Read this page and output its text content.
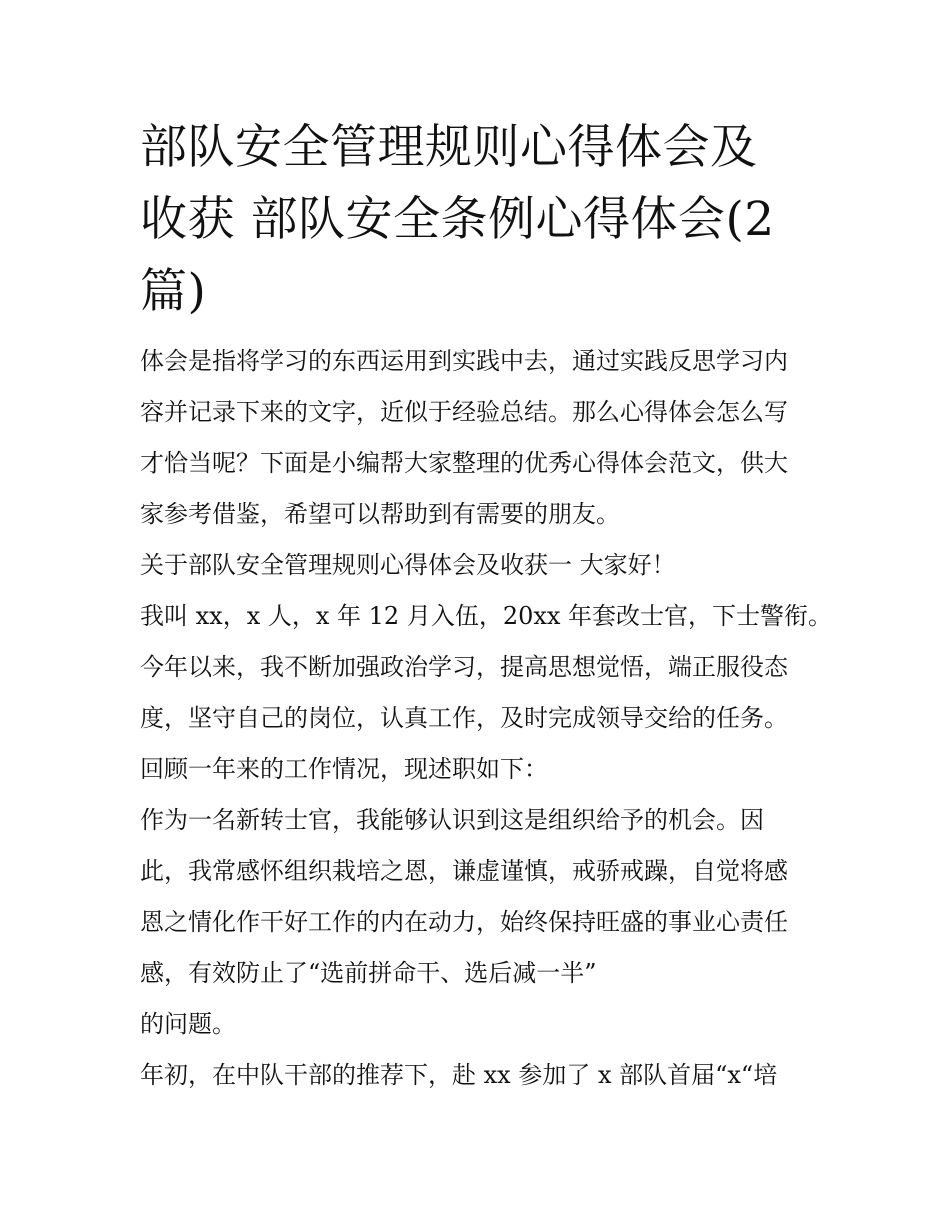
部队安全管理规则心得体会及
收获 部队安全条例心得体会(2
篇)

体会是指将学习的东西运用到实践中去，通过实践反思学习内
容并记录下来的文字，近似于经验总结。那么心得体会怎么写
才恰当呢？下面是小编帮大家整理的优秀心得体会范文，供大
家参考借鉴，希望可以帮助到有需要的朋友。

关于部队安全管理规则心得体会及收获一 大家好！

我叫 xx，x 人，x 年 12 月入伍，20xx 年套改士官，下士警衔。

今年以来，我不断加强政治学习，提高思想觉悟，端正服役态
度，坚守自己的岗位，认真工作，及时完成领导交给的任务。

回顾一年来的工作情况，现述职如下：

作为一名新转士官，我能够认识到这是组织给予的机会。因
此，我常感怀组织栽培之恩，谦虚谨慎，戒骄戒躁，自觉将感
恩之情化作干好工作的内在动力，始终保持旺盛的事业心责任
感，有效防止了“选前拼命干、选后减一半”

的问题。

年初，在中队干部的推荐下，赴 xx 参加了 x 部队首届“x“培
